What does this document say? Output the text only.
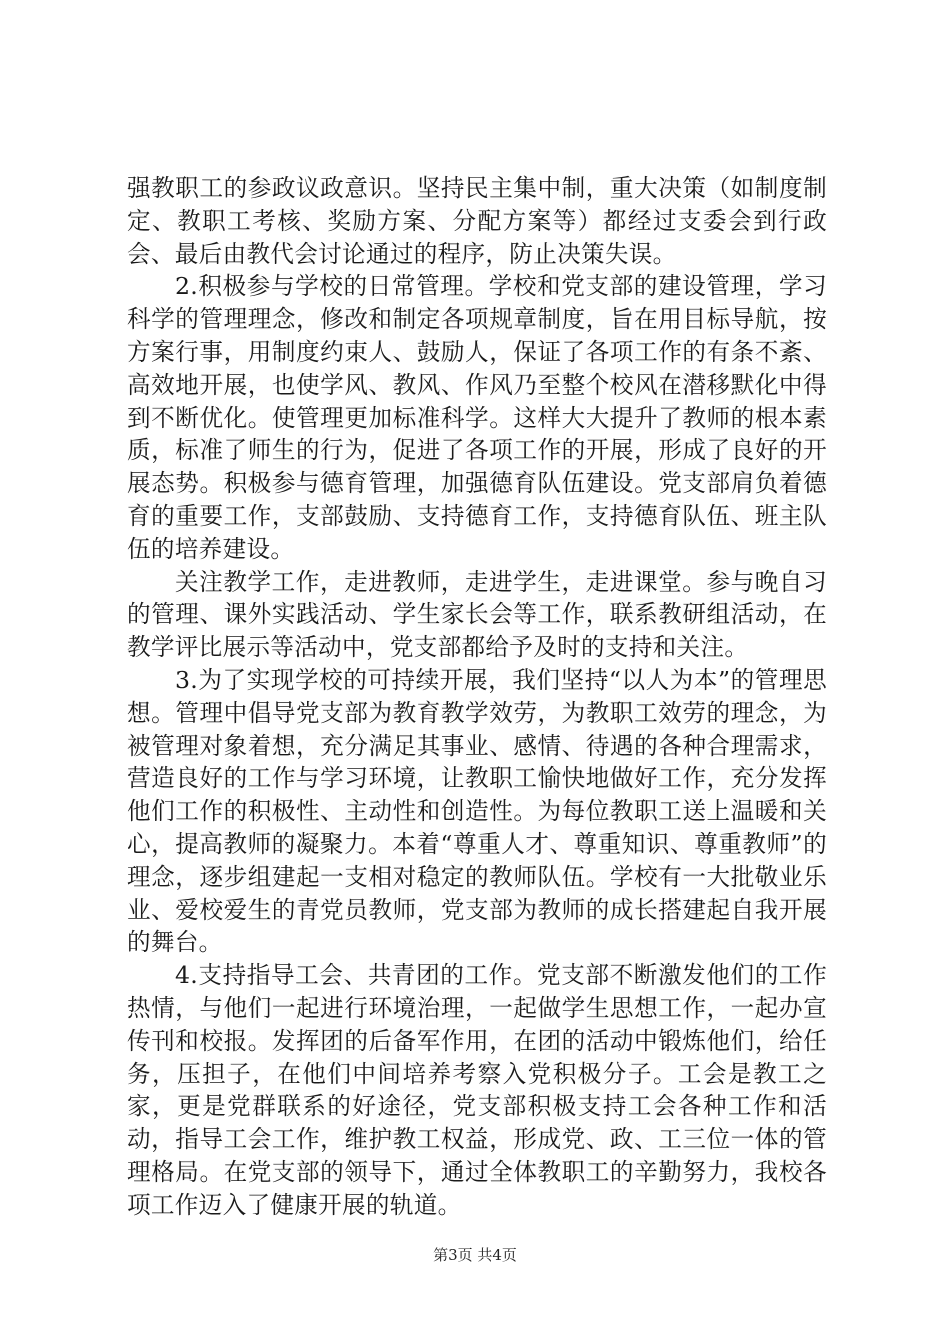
强教职工的参政议政意识。坚持民主集中制，重大决策（如制度制定、教职工考核、奖励方案、分配方案等）都经过支委会到行政会、最后由教代会讨论通过的程序，防止决策失误。

2.积极参与学校的日常管理。学校和党支部的建设管理，学习科学的管理理念，修改和制定各项规章制度，旨在用目标导航，按方案行事，用制度约束人、鼓励人，保证了各项工作的有条不紊、高效地开展，也使学风、教风、作风乃至整个校风在潜移默化中得到不断优化。使管理更加标准科学。这样大大提升了教师的根本素质，标准了师生的行为，促进了各项工作的开展，形成了良好的开展态势。积极参与德育管理，加强德育队伍建设。党支部肩负着德育的重要工作，支部鼓励、支持德育工作，支持德育队伍、班主队伍的培养建设。

关注教学工作，走进教师，走进学生，走进课堂。参与晚自习的管理、课外实践活动、学生家长会等工作，联系教研组活动，在教学评比展示等活动中，党支部都给予及时的支持和关注。

3.为了实现学校的可持续开展，我们坚持“以人为本”的管理思想。管理中倡导党支部为教育教学效劳，为教职工效劳的理念，为被管理对象着想，充分满足其事业、感情、待遇的各种合理需求，营造良好的工作与学习环境，让教职工愉快地做好工作，充分发挥他们工作的积极性、主动性和创造性。为每位教职工送上温暖和关心，提高教师的凝聚力。本着“尊重人才、尊重知识、尊重教师”的理念，逐步组建起一支相对稳定的教师队伍。学校有一大批敬业乐业、爱校爱生的青党员教师，党支部为教师的成长搭建起自我开展的舞台。

4.支持指导工会、共青团的工作。党支部不断激发他们的工作热情，与他们一起进行环境治理，一起做学生思想工作，一起办宣传刊和校报。发挥团的后备军作用，在团的活动中锻炼他们，给任务，压担子，在他们中间培养考察入党积极分子。工会是教工之家，更是党群联系的好途径，党支部积极支持工会各种工作和活动，指导工会工作，维护教工权益，形成党、政、工三位一体的管理格局。在党支部的领导下，通过全体教职工的辛勤努力，我校各项工作迈入了健康开展的轨道。

第3页 共4页
